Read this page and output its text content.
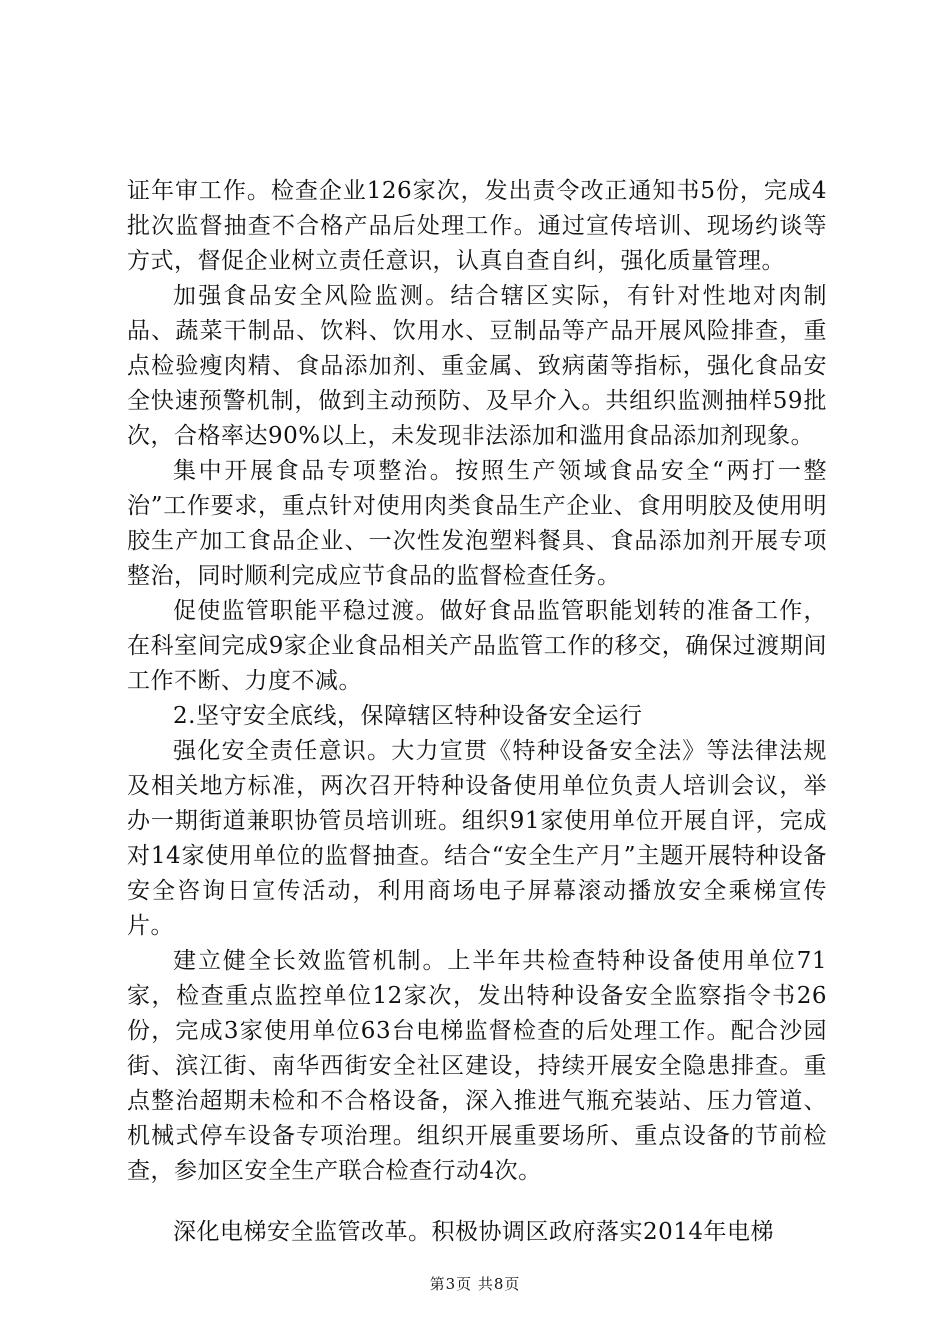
证年审工作。检查企业126家次，发出责令改正通知书5份，完成4批次监督抽查不合格产品后处理工作。通过宣传培训、现场约谈等方式，督促企业树立责任意识，认真自查自纠，强化质量管理。

加强食品安全风险监测。结合辖区实际，有针对性地对肉制品、蔬菜干制品、饮料、饮用水、豆制品等产品开展风险排查，重点检验瘦肉精、食品添加剂、重金属、致病菌等指标，强化食品安全快速预警机制，做到主动预防、及早介入。共组织监测抽样59批次，合格率达90%以上，未发现非法添加和滥用食品添加剂现象。

集中开展食品专项整治。按照生产领域食品安全“两打一整治”工作要求，重点针对使用肉类食品生产企业、食用明胶及使用明胶生产加工食品企业、一次性发泡塑料餐具、食品添加剂开展专项整治，同时顺利完成应节食品的监督检查任务。

促使监管职能平稳过渡。做好食品监管职能划转的准备工作，在科室间完成9家企业食品相关产品监管工作的移交，确保过渡期间工作不断、力度不减。

2.坚守安全底线，保障辖区特种设备安全运行

强化安全责任意识。大力宣贯《特种设备安全法》等法律法规及相关地方标准，两次召开特种设备使用单位负责人培训会议，举办一期街道兼职协管员培训班。组织91家使用单位开展自评，完成对14家使用单位的监督抽查。结合“安全生产月”主题开展特种设备安全咨询日宣传活动，利用商场电子屏幕滚动播放安全乘梯宣传片。

建立健全长效监管机制。上半年共检查特种设备使用单位71家，检查重点监控单位12家次，发出特种设备安全监察指令书26份，完成3家使用单位63台电梯监督检查的后处理工作。配合沙园街、滨江街、南华西街安全社区建设，持续开展安全隐患排查。重点整治超期未检和不合格设备，深入推进气瓶充装站、压力管道、机械式停车设备专项治理。组织开展重要场所、重点设备的节前检查，参加区安全生产联合检查行动4次。

深化电梯安全监管改革。积极协调区政府落实2014年电梯

第3页 共8页
